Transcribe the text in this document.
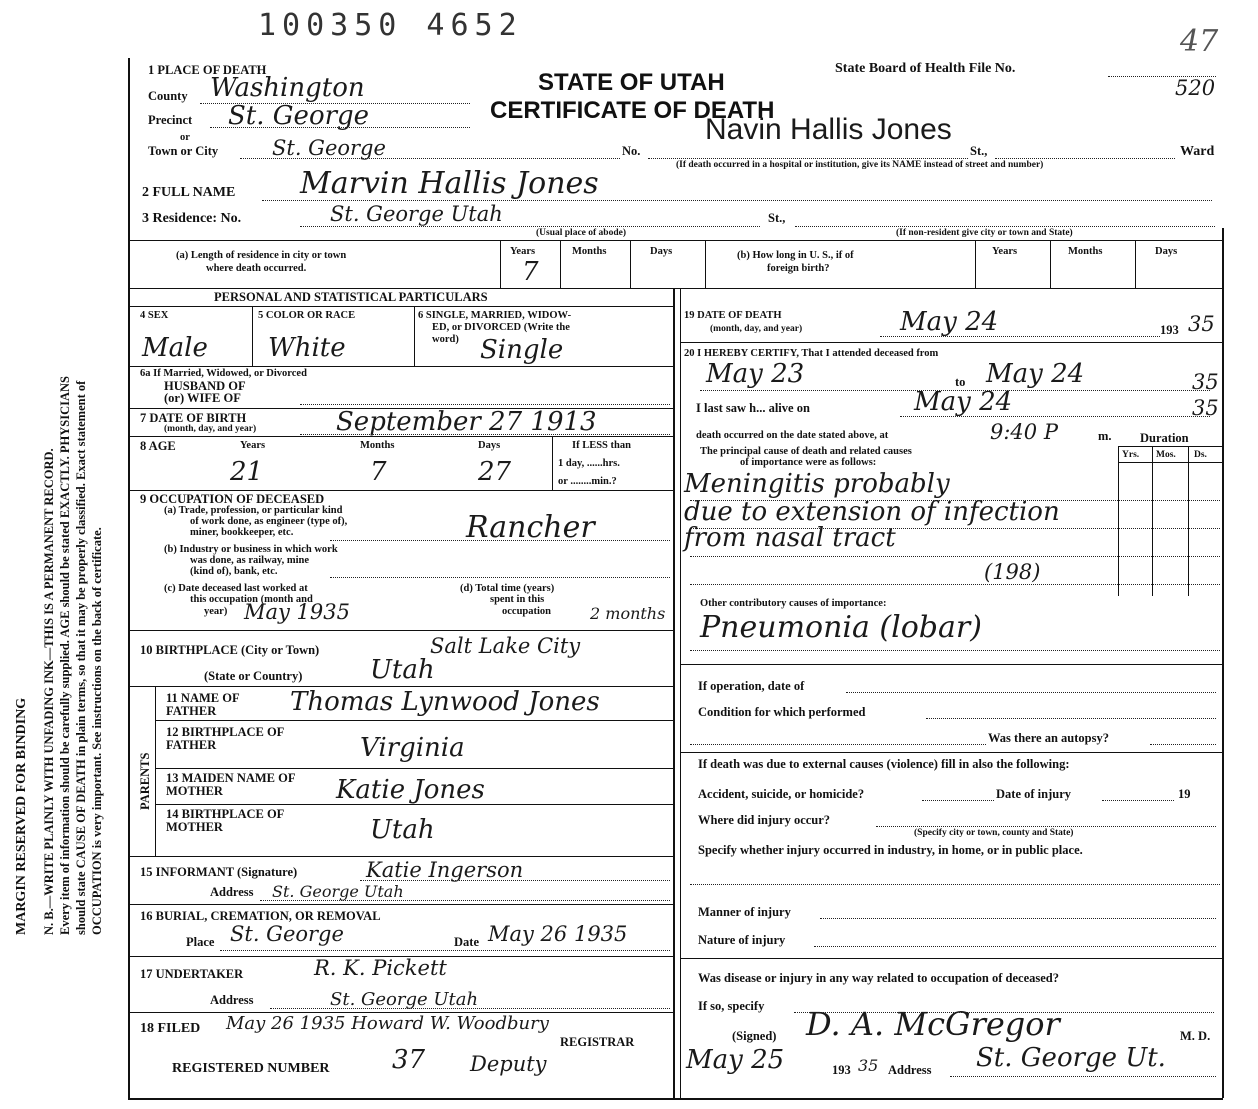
100350 4652	47
STATE OF UTAH
CERTIFICATE OF DEATH
State Board of Health File No.
520
MARGIN RESERVED FOR BINDING N. B.—WRITE PLAINLY WITH UNFADING INK—THIS IS A PERMANENT RECORD. Every item of information should be carefully supplied. AGE should be stated EXACTLY. PHYSICIANS should state CAUSE OF DEATH in plain terms, so that it may be properly classified. Exact statement of OCCUPATION is very important. See instructions on the back of certificate.
1 PLACE OF DEATH
County Washington
Precinct St. George
or
Town or City	St. George	No.	St.,	Ward
Navin Hallis Jones
(If death occurred in a hospital or institution, give its NAME instead of street and number)
2 FULL NAME Marvin Hallis Jones
3 Residence: No.	St. George Utah	St.,
(Usual place of abode)	(If non-resident give city or town and State)
(a) Length of residence in city or town
where death occurred.
Years	Months	Days
7
(b) How long in U. S., if of
foreign birth?
Years	Months	Days
PERSONAL AND STATISTICAL PARTICULARS
4 SEX
Male
5 COLOR OR RACE
White
6 SINGLE, MARRIED, WIDOW-
ED, or DIVORCED (Write the
word) Single
6a If Married, Widowed, or Divorced
HUSBAND OF
(or) WIFE OF
7 DATE OF BIRTH
(month, day, and year)	September 27 1913
8 AGE	Years	Months	Days	If LESS than
1 day, ......hrs.
or ........min.?
21	7	27
9 OCCUPATION OF DECEASED
(a) Trade, profession, or particular kind
of work done, as engineer (type of),
miner, bookkeeper, etc.	Rancher
(b) Industry or business in which work
was done, as railway, mine
(kind of), bank, etc.
(c) Date deceased last worked at
this occupation (month and
year) May 1935
(d) Total time (years)
spent in this
occupation 2 months
10 BIRTHPLACE (City or Town)	Salt Lake City
(State or Country)	Utah
PARENTS
11 NAME OF FATHER	Thomas Lynwood Jones
12 BIRTHPLACE OF FATHER	Virginia
13 MAIDEN NAME OF MOTHER	Katie Jones
14 BIRTHPLACE OF MOTHER	Utah
15 INFORMANT (Signature)	Katie Ingerson
Address St. George Utah
16 BURIAL, CREMATION, OR REMOVAL
Place St. George	Date May 26 1935
17 UNDERTAKER	R. K. Pickett
Address	St. George Utah
18 FILED May 26 1935 Howard W. Woodbury
REGISTRAR
REGISTERED NUMBER 37 Deputy
19 DATE OF DEATH
(month, day, and year)	May 24	193 35
20 I HEREBY CERTIFY, That I attended deceased from
May 23	to May 24	35
I last saw h... alive on	May 24	35
death occurred on the date stated above, at	9:40 P	m. Duration
The principal cause of death and related causes
of importance were as follows:
Yrs. Mos. Ds.
Meningitis probably
due to extension of infection
from nasal tract
(198)
Other contributory causes of importance:
Pneumonia (lobar)
If operation, date of
Condition for which performed
Was there an autopsy?
If death was due to external causes (violence) fill in also the following:
Accident, suicide, or homicide?	Date of injury	19
Where did injury occur?
(Specify city or town, county and State)
Specify whether injury occurred in industry, in home, or in public place.
Manner of injury
Nature of injury
Was disease or injury in any way related to occupation of deceased?
If so, specify
(Signed) D. A. McGregor	M. D.
May 25	193 35 Address St. George Ut.
